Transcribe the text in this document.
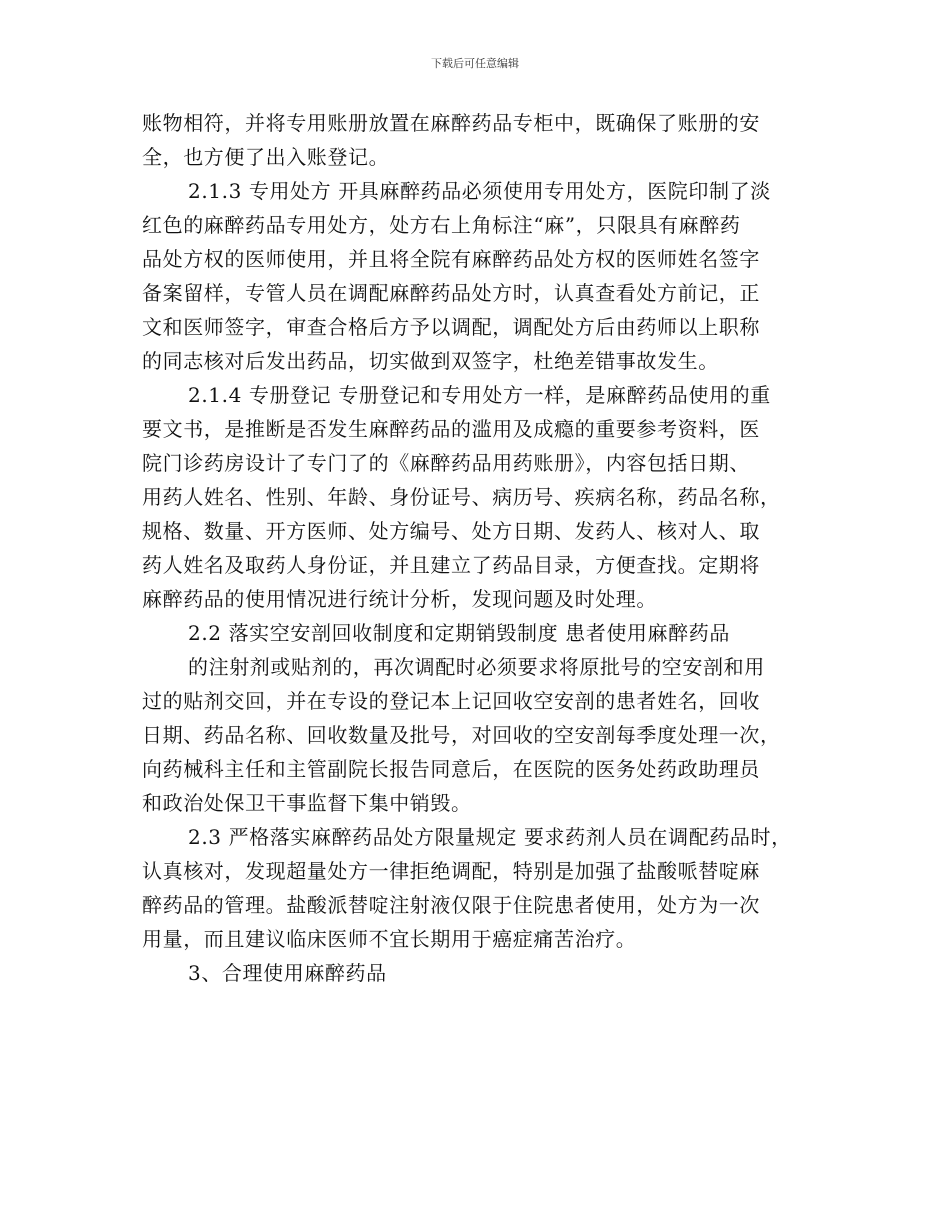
下载后可任意编辑
账物相符，并将专用账册放置在麻醉药品专柜中，既确保了账册的安
全，也方便了出入账登记。
2.1.3 专用处方 开具麻醉药品必须使用专用处方，医院印制了淡
红色的麻醉药品专用处方，处方右上角标注“麻”，只限具有麻醉药
品处方权的医师使用，并且将全院有麻醉药品处方权的医师姓名签字
备案留样，专管人员在调配麻醉药品处方时，认真查看处方前记，正
文和医师签字，审查合格后方予以调配，调配处方后由药师以上职称
的同志核对后发出药品，切实做到双签字，杜绝差错事故发生。
2.1.4 专册登记 专册登记和专用处方一样，是麻醉药品使用的重
要文书，是推断是否发生麻醉药品的滥用及成瘾的重要参考资料，医
院门诊药房设计了专门了的《麻醉药品用药账册》，内容包括日期、
用药人姓名、性别、年龄、身份证号、病历号、疾病名称，药品名称，
规格、数量、开方医师、处方编号、处方日期、发药人、核对人、取
药人姓名及取药人身份证，并且建立了药品目录，方便查找。定期将
麻醉药品的使用情况进行统计分析，发现问题及时处理。
2.2 落实空安剖回收制度和定期销毁制度 患者使用麻醉药品
的注射剂或贴剂的，再次调配时必须要求将原批号的空安剖和用
过的贴剂交回，并在专设的登记本上记回收空安剖的患者姓名，回收
日期、药品名称、回收数量及批号，对回收的空安剖每季度处理一次，
向药械科主任和主管副院长报告同意后，在医院的医务处药政助理员
和政治处保卫干事监督下集中销毁。
2.3 严格落实麻醉药品处方限量规定 要求药剂人员在调配药品时，
认真核对，发现超量处方一律拒绝调配，特别是加强了盐酸哌替啶麻
醉药品的管理。盐酸派替啶注射液仅限于住院患者使用，处方为一次
用量，而且建议临床医师不宜长期用于癌症痛苦治疗。
3、合理使用麻醉药品
